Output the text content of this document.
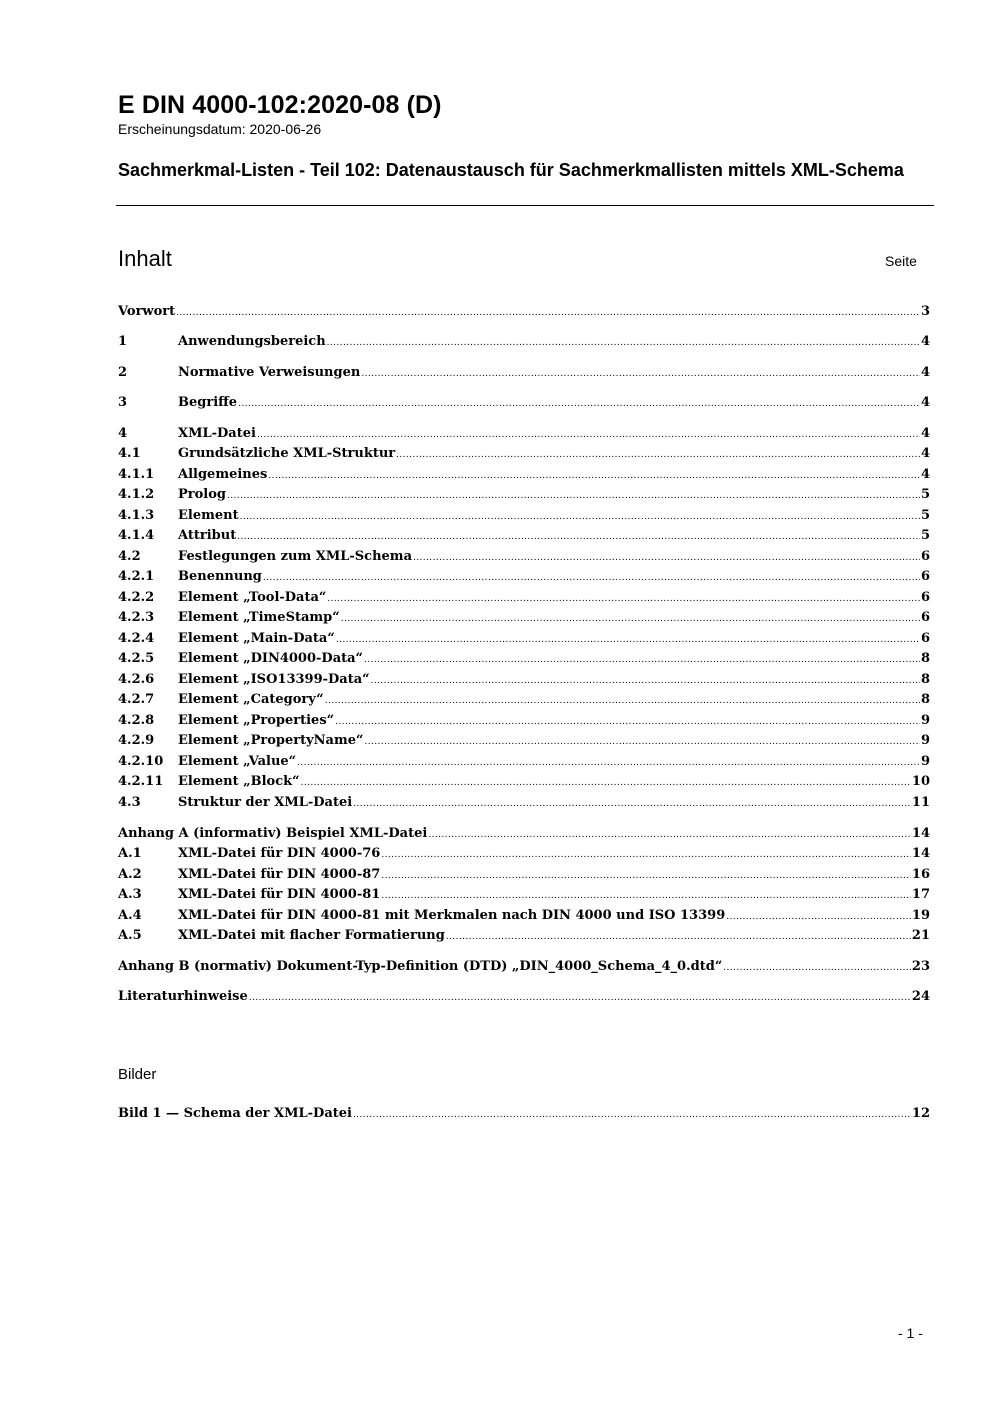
E DIN 4000-102:2020-08 (D)
Erscheinungsdatum: 2020-06-26
Sachmerkmal-Listen - Teil 102: Datenaustausch für Sachmerkmallisten mittels XML-Schema
Inhalt	Seite
Vorwort .....	3
1	Anwendungsbereich .....	4
2	Normative Verweisungen .....	4
3	Begriffe .....	4
4	XML-Datei .....	4
4.1	Grundsätzliche XML-Struktur .....	4
4.1.1	Allgemeines .....	4
4.1.2	Prolog .....	5
4.1.3	Element .....	5
4.1.4	Attribut .....	5
4.2	Festlegungen zum XML-Schema .....	6
4.2.1	Benennung .....	6
4.2.2	Element „Tool-Data“ .....	6
4.2.3	Element „TimeStamp“ .....	6
4.2.4	Element „Main-Data“ .....	6
4.2.5	Element „DIN4000-Data“ .....	8
4.2.6	Element „ISO13399-Data“ .....	8
4.2.7	Element „Category“ .....	8
4.2.8	Element „Properties“ .....	9
4.2.9	Element „PropertyName“ .....	9
4.2.10	Element „Value“ .....	9
4.2.11	Element „Block“ .....	10
4.3	Struktur der XML-Datei .....	11
Anhang A (informativ) Beispiel XML-Datei .....	14
A.1	XML-Datei für DIN 4000-76 .....	14
A.2	XML-Datei für DIN 4000-87 .....	16
A.3	XML-Datei für DIN 4000-81 .....	17
A.4	XML-Datei für DIN 4000-81 mit Merkmalen nach DIN 4000 und ISO 13399 .....	19
A.5	XML-Datei mit flacher Formatierung .....	21
Anhang B (normativ) Dokument-Typ-Definition (DTD) „DIN_4000_Schema_4_0.dtd“ .....	23
Literaturhinweise .....	24
Bilder
Bild 1 — Schema der XML-Datei .....	12
- 1 -
